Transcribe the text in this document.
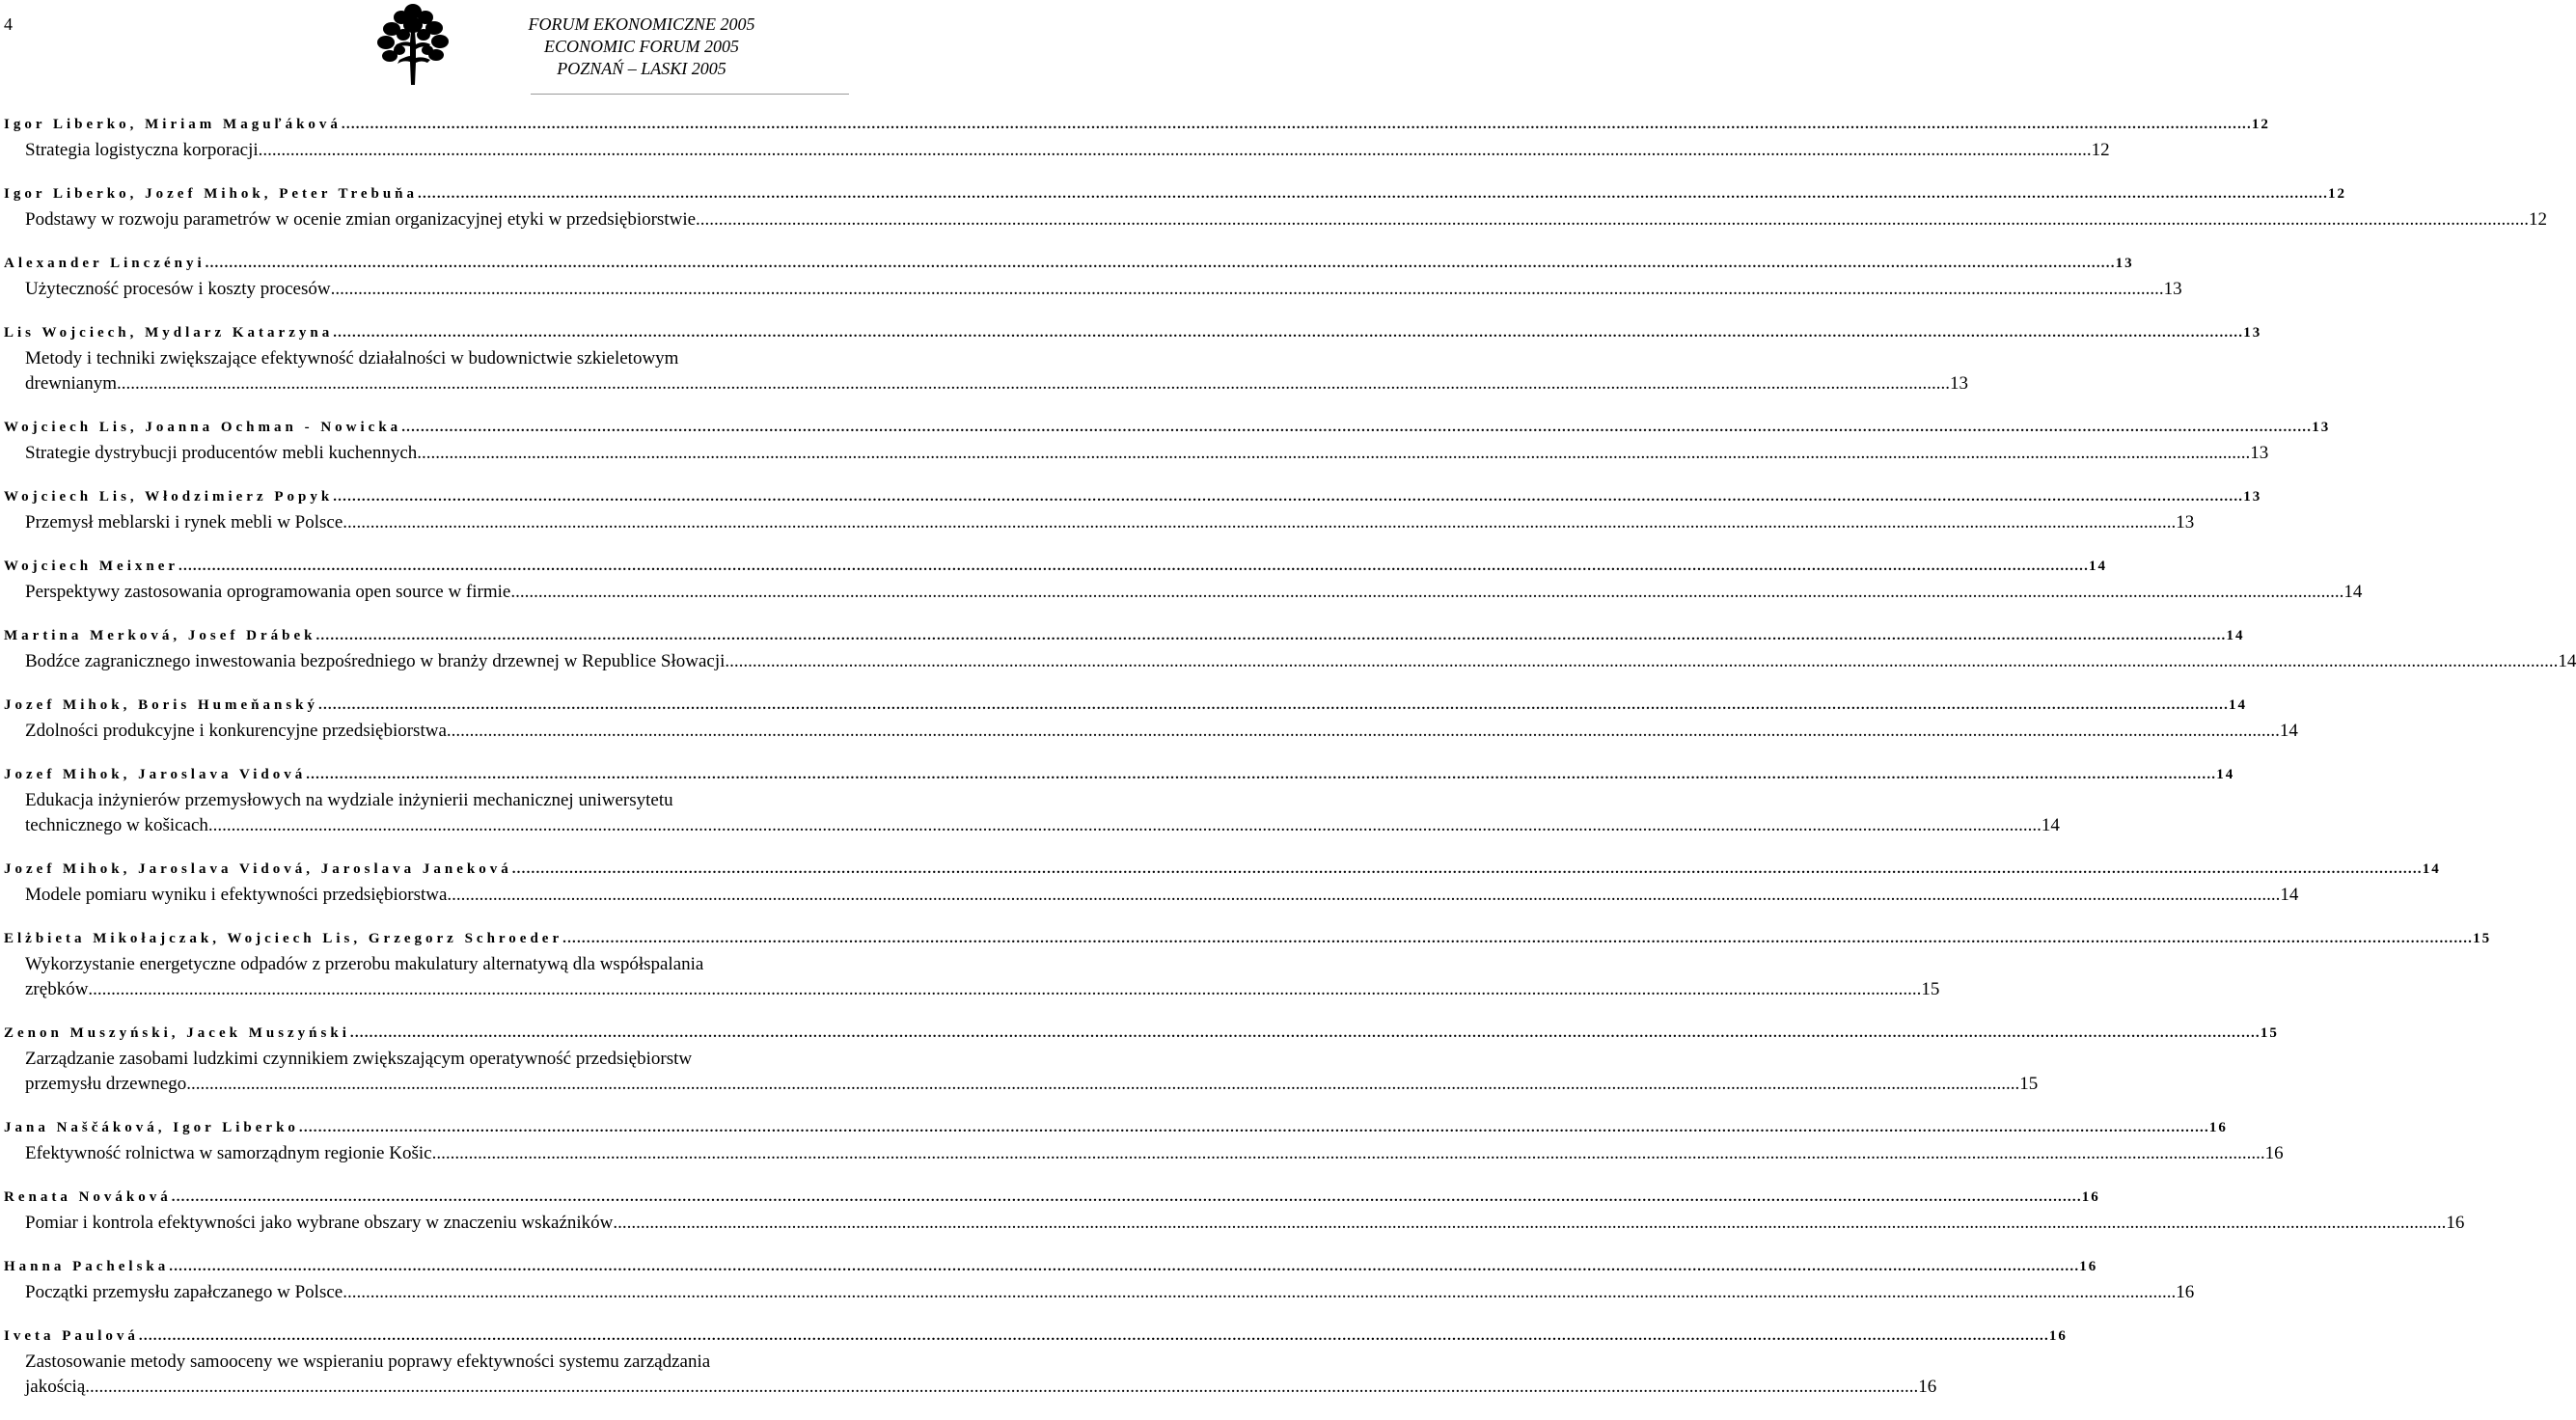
4	FORUM EKONOMICZNE 2005
ECONOMIC FORUM 2005
POZNAŃ – LASKI 2005
Igor Liberko, Miriam Maguľáková ................................................................................................................................................................................................................................................................................................................................................................................................................ 12
Strategia logistyczna korporacji ................................................................................................................................................................................................................................................................................................................................................................................................................ 12
Igor Liberko, Jozef Mihok, Peter Trebuňa ................................................................................................................................................................................................................................................................................................................................................................................................................ 12
Podstawy w rozwoju parametrów w ocenie zmian organizacyjnej etyki w przedsiębiorstwie ................................................................................................................................................................................................................................................................................................................................................................................................................ 12
Alexander Linczényi ................................................................................................................................................................................................................................................................................................................................................................................................................ 13
Użyteczność procesów i koszty procesów ................................................................................................................................................................................................................................................................................................................................................................................................................ 13
Lis Wojciech, Mydlarz Katarzyna ................................................................................................................................................................................................................................................................................................................................................................................................................ 13
Metody i techniki zwiększające efektywność działalności w budownictwie szkieletowym
drewnianym ................................................................................................................................................................................................................................................................................................................................................................................................................ 13
Wojciech Lis, Joanna Ochman - Nowicka ................................................................................................................................................................................................................................................................................................................................................................................................................ 13
Strategie dystrybucji producentów mebli kuchennych ................................................................................................................................................................................................................................................................................................................................................................................................................ 13
Wojciech Lis, Włodzimierz Popyk ................................................................................................................................................................................................................................................................................................................................................................................................................ 13
Przemysł meblarski i rynek mebli w Polsce ................................................................................................................................................................................................................................................................................................................................................................................................................ 13
Wojciech Meixner ................................................................................................................................................................................................................................................................................................................................................................................................................ 14
Perspektywy zastosowania oprogramowania open source w firmie ................................................................................................................................................................................................................................................................................................................................................................................................................ 14
Martina Merková, Josef Drábek ................................................................................................................................................................................................................................................................................................................................................................................................................ 14
Bodźce zagranicznego inwestowania bezpośredniego w branży drzewnej w Republice Słowacji ................................................................................................................................................................................................................................................................................................................................................................................................................ 14
Jozef Mihok, Boris Humeňanský ................................................................................................................................................................................................................................................................................................................................................................................................................ 14
Zdolności produkcyjne i konkurencyjne przedsiębiorstwa ................................................................................................................................................................................................................................................................................................................................................................................................................ 14
Jozef Mihok, Jaroslava Vidová ................................................................................................................................................................................................................................................................................................................................................................................................................ 14
Edukacja inżynierów przemysłowych na wydziale inżynierii mechanicznej uniwersytetu
technicznego w košicach ................................................................................................................................................................................................................................................................................................................................................................................................................ 14
Jozef Mihok, Jaroslava Vidová, Jaroslava Janeková ................................................................................................................................................................................................................................................................................................................................................................................................................ 14
Modele pomiaru wyniku i efektywności przedsiębiorstwa ................................................................................................................................................................................................................................................................................................................................................................................................................ 14
Elżbieta Mikołajczak, Wojciech Lis, Grzegorz Schroeder ................................................................................................................................................................................................................................................................................................................................................................................................................ 15
Wykorzystanie energetyczne odpadów z przerobu makulatury alternatywą dla współspalania
zrębków ................................................................................................................................................................................................................................................................................................................................................................................................................ 15
Zenon Muszyński, Jacek Muszyński ................................................................................................................................................................................................................................................................................................................................................................................................................ 15
Zarządzanie zasobami ludzkimi czynnikiem zwiększającym operatywność przedsiębiorstw
przemysłu drzewnego ................................................................................................................................................................................................................................................................................................................................................................................................................ 15
Jana Naščáková, Igor Liberko ................................................................................................................................................................................................................................................................................................................................................................................................................ 16
Efektywność rolnictwa w samorządnym regionie Košic ................................................................................................................................................................................................................................................................................................................................................................................................................ 16
Renata Nováková ................................................................................................................................................................................................................................................................................................................................................................................................................ 16
Pomiar i kontrola efektywności jako wybrane obszary w znaczeniu wskaźników ................................................................................................................................................................................................................................................................................................................................................................................................................ 16
Hanna Pachelska ................................................................................................................................................................................................................................................................................................................................................................................................................ 16
Początki przemysłu zapałczanego w Polsce ................................................................................................................................................................................................................................................................................................................................................................................................................ 16
Iveta Paulová ................................................................................................................................................................................................................................................................................................................................................................................................................ 16
Zastosowanie metody samooceny we wspieraniu poprawy efektywności systemu zarządzania
jakością ................................................................................................................................................................................................................................................................................................................................................................................................................ 16
